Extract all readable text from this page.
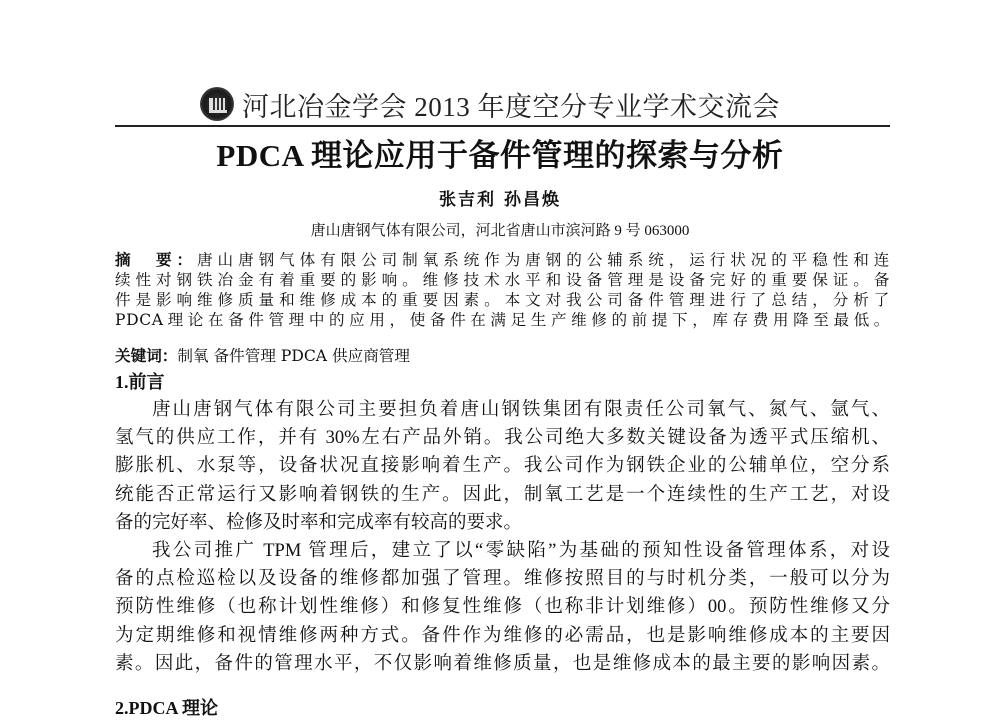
河北冶金学会 2013 年度空分专业学术交流会
PDCA 理论应用于备件管理的探索与分析
张吉利 孙昌焕
唐山唐钢气体有限公司，河北省唐山市滨河路 9 号 063000
摘　要：唐山唐钢气体有限公司制氧系统作为唐钢的公辅系统，运行状况的平稳性和连
续性对钢铁冶金有着重要的影响。维修技术水平和设备管理是设备完好的重要保证。备
件是影响维修质量和维修成本的重要因素。本文对我公司备件管理进行了总结，分析了
PDCA理论在备件管理中的应用，使备件在满足生产维修的前提下，库存费用降至最低。
关键词：制氧 备件管理 PDCA 供应商管理
1.前言
唐山唐钢气体有限公司主要担负着唐山钢铁集团有限责任公司氧气、氮气、氩气、
氢气的供应工作，并有 30%左右产品外销。我公司绝大多数关键设备为透平式压缩机、
膨胀机、水泵等，设备状况直接影响着生产。我公司作为钢铁企业的公辅单位，空分系
统能否正常运行又影响着钢铁的生产。因此，制氧工艺是一个连续性的生产工艺，对设
备的完好率、检修及时率和完成率有较高的要求。
我公司推广 TPM 管理后，建立了以“零缺陷”为基础的预知性设备管理体系，对设
备的点检巡检以及设备的维修都加强了管理。维修按照目的与时机分类，一般可以分为
预防性维修（也称计划性维修）和修复性维修（也称非计划维修）00。预防性维修又分
为定期维修和视情维修两种方式。备件作为维修的必需品，也是影响维修成本的主要因
素。因此，备件的管理水平，不仅影响着维修质量，也是维修成本的最主要的影响因素。
2.PDCA 理论
